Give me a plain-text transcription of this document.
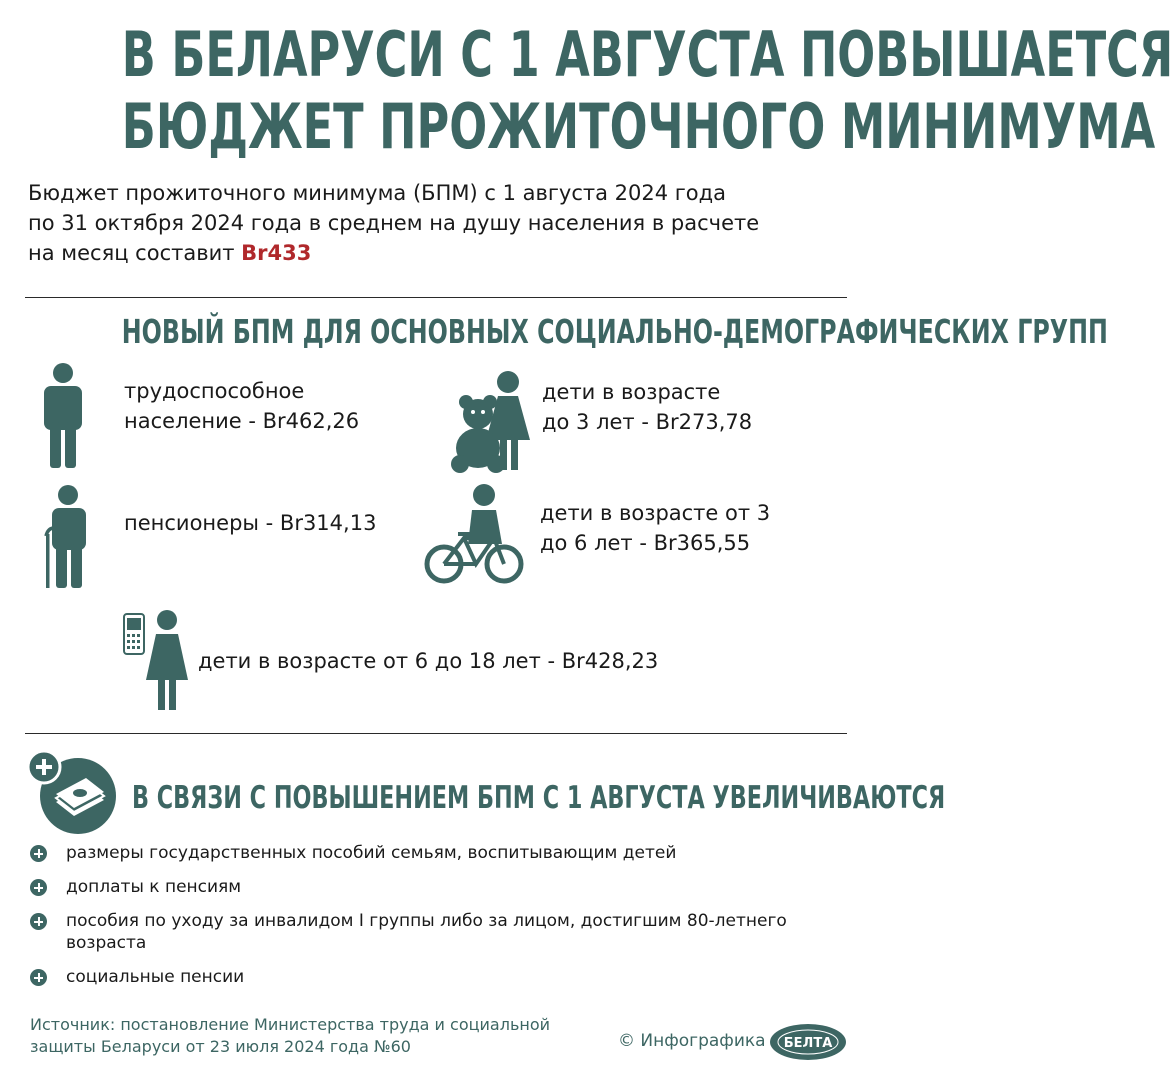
В БЕЛАРУСИ С 1 АВГУСТА ПОВЫШАЕТСЯ
БЮДЖЕТ ПРОЖИТОЧНОГО МИНИМУМА
Бюджет прожиточного минимума (БПМ) с 1 августа 2024 года
по 31 октября 2024 года в среднем на душу населения в расчете
на месяц составит Br433
НОВЫЙ БПМ ДЛЯ ОСНОВНЫХ СОЦИАЛЬНО-ДЕМОГРАФИЧЕСКИХ ГРУПП
трудоспособное
население - Br462,26
дети в возрасте
до 3 лет - Br273,78
пенсионеры - Br314,13	дети в возрасте от 3
до 6 лет - Br365,55
дети в возрасте от 6 до 18 лет - Br428,23
В СВЯЗИ С ПОВЫШЕНИЕМ БПМ С 1 АВГУСТА УВЕЛИЧИВАЮТСЯ
размеры государственных пособий семьям, воспитывающим детей
доплаты к пенсиям
пособия по уходу за инвалидом I группы либо за лицом, достигшим 80-летнего возраста
социальные пенсии
Источник: постановление Министерства труда и социальной
защиты Беларуси от 23 июля 2024 года №60	© Инфографика БЕЛТА
